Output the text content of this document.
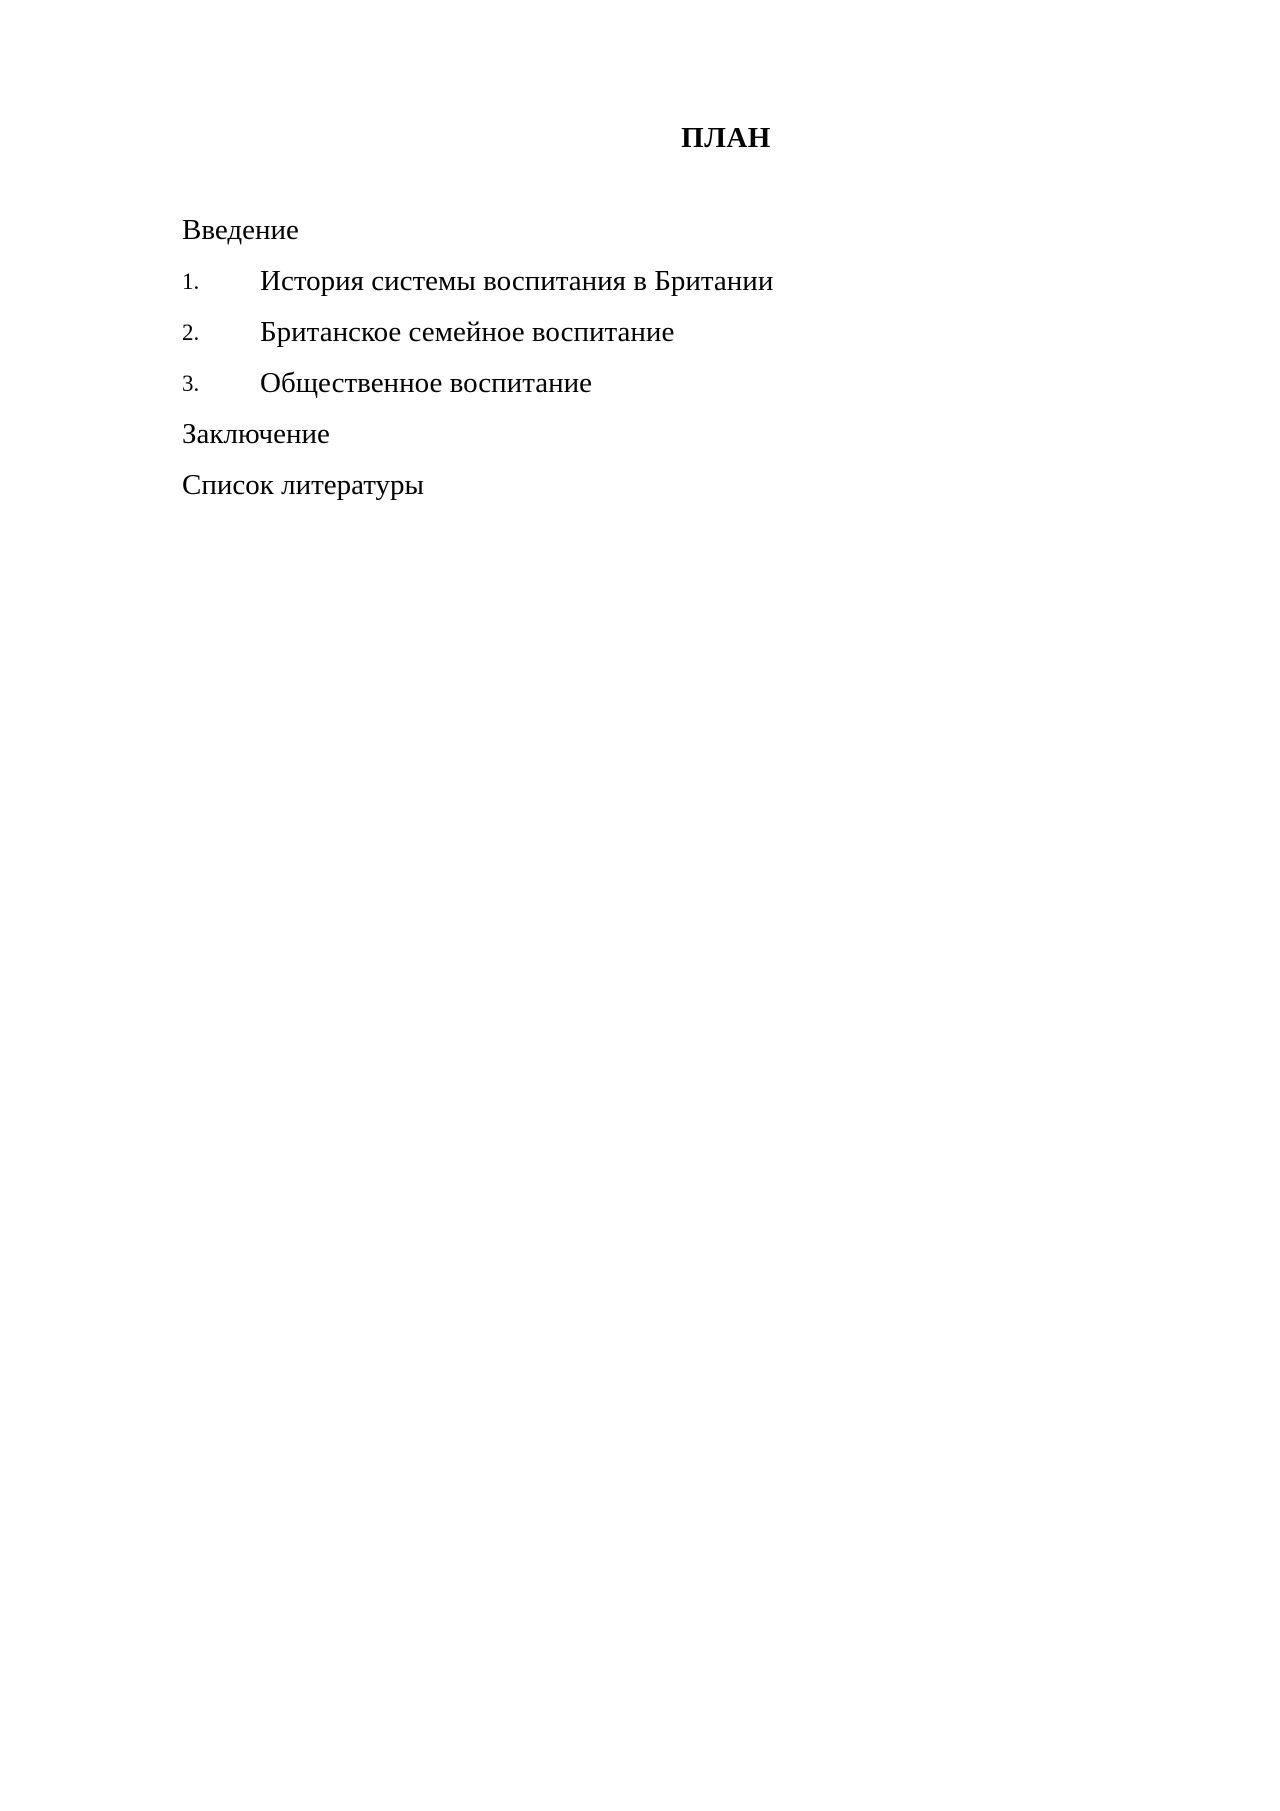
ПЛАН
Введение
1. История системы воспитания в Британии
2. Британское семейное воспитание
3. Общественное воспитание
Заключение
Список литературы
